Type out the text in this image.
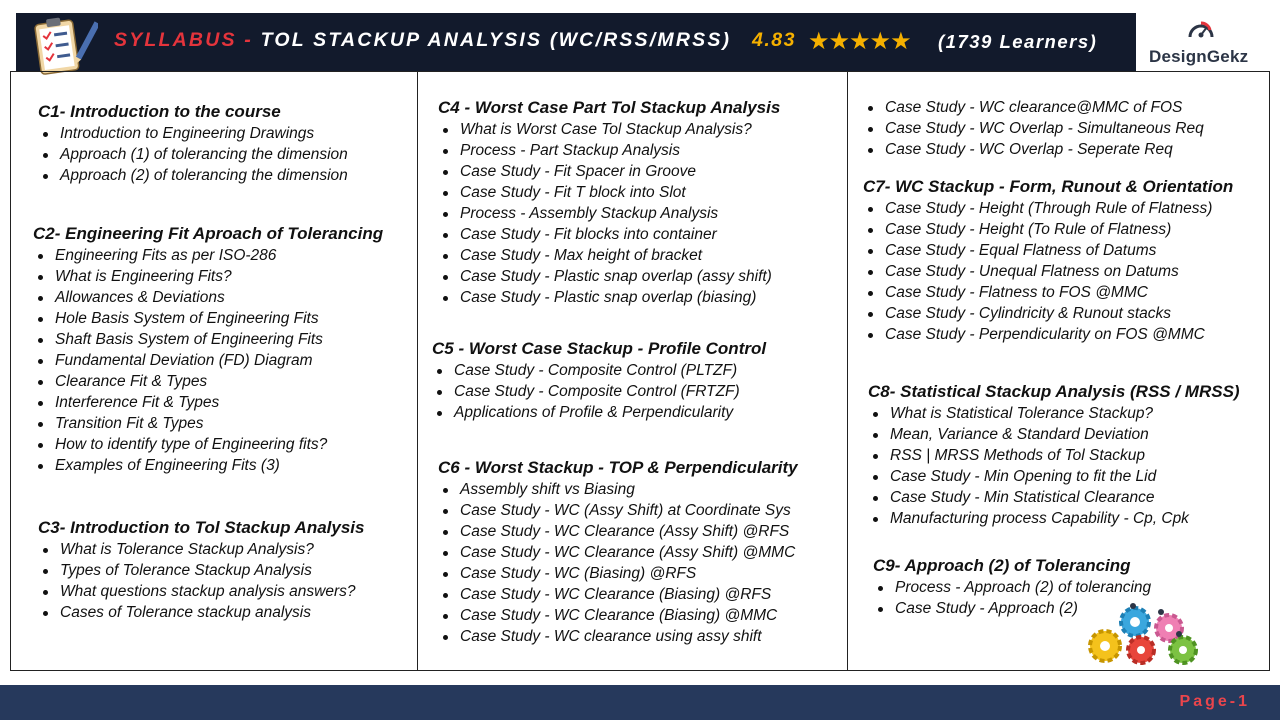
SYLLABUS - TOL STACKUP ANALYSIS (WC/RSS/MRSS) 4.83 ★★★★★ (1739 Learners)
DesignGekz
C1- Introduction to the course
Introduction to Engineering Drawings
Approach (1) of tolerancing the dimension
Approach (2) of tolerancing the dimension
C2- Engineering Fit Aproach of Tolerancing
Engineering Fits as per ISO-286
What is Engineering Fits?
Allowances & Deviations
Hole Basis System of Engineering Fits
Shaft Basis System of Engineering Fits
Fundamental Deviation (FD) Diagram
Clearance Fit & Types
Interference Fit & Types
Transition Fit & Types
How to identify type of Engineering fits?
Examples of Engineering Fits (3)
C3- Introduction to Tol Stackup Analysis
What is Tolerance Stackup Analysis?
Types of Tolerance Stackup Analysis
What questions stackup analysis answers?
Cases of Tolerance stackup analysis
C4 - Worst Case Part Tol Stackup Analysis
What is Worst Case Tol Stackup Analysis?
Process - Part Stackup Analysis
Case Study - Fit Spacer in Groove
Case Study - Fit T block into Slot
Process - Assembly Stackup Analysis
Case Study - Fit blocks into container
Case Study - Max height of bracket
Case Study - Plastic snap overlap (assy shift)
Case Study - Plastic snap overlap (biasing)
C5 - Worst Case Stackup - Profile Control
Case Study - Composite Control (PLTZF)
Case Study - Composite Control (FRTZF)
Applications of Profile & Perpendicularity
C6 - Worst Stackup - TOP & Perpendicularity
Assembly shift vs Biasing
Case Study - WC (Assy Shift) at Coordinate Sys
Case Study - WC Clearance (Assy Shift) @RFS
Case Study - WC Clearance (Assy Shift) @MMC
Case Study - WC (Biasing) @RFS
Case Study - WC Clearance (Biasing) @RFS
Case Study - WC Clearance (Biasing) @MMC
Case Study - WC clearance using assy shift
Case Study - WC clearance@MMC of FOS
Case Study - WC Overlap - Simultaneous Req
Case Study - WC Overlap - Seperate Req
C7- WC Stackup - Form, Runout & Orientation
Case Study - Height (Through Rule of Flatness)
Case Study - Height (To Rule of Flatness)
Case Study - Equal Flatness of Datums
Case Study - Unequal Flatness on Datums
Case Study - Flatness to FOS @MMC
Case Study - Cylindricity & Runout stacks
Case Study - Perpendicularity on FOS @MMC
C8- Statistical Stackup Analysis (RSS / MRSS)
What is Statistical Tolerance Stackup?
Mean, Variance & Standard Deviation
RSS | MRSS Methods of Tol Stackup
Case Study - Min Opening to fit the Lid
Case Study - Min Statistical Clearance
Manufacturing process Capability - Cp, Cpk
C9- Approach (2) of Tolerancing
Process - Approach (2) of tolerancing
Case Study - Approach (2)
Page-1
